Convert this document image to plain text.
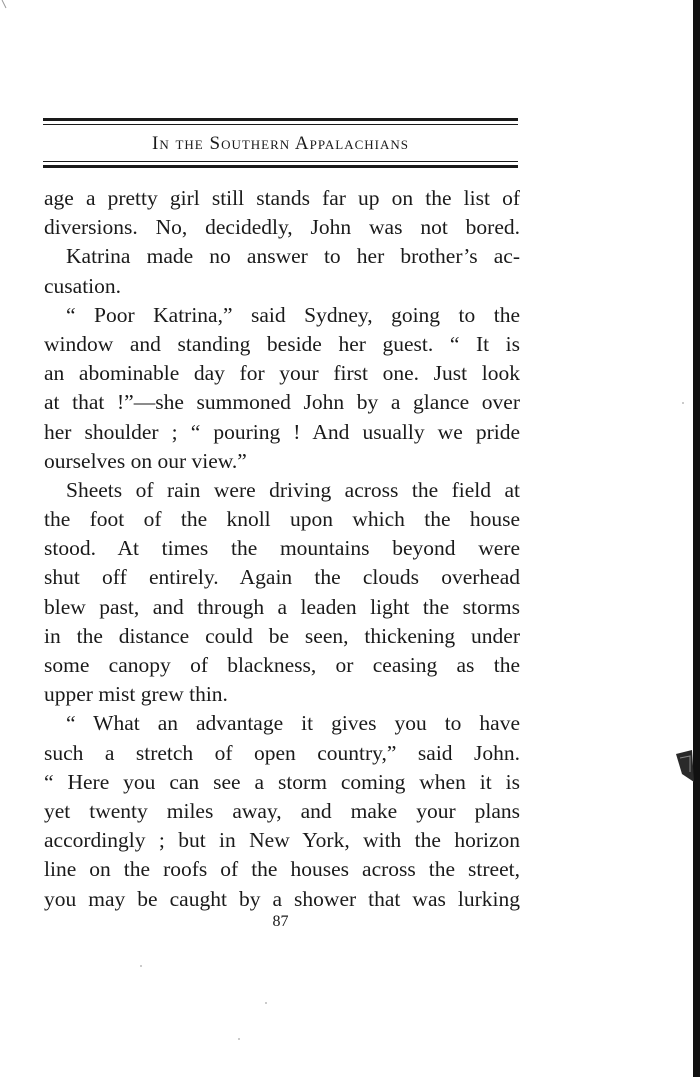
In the Southern Appalachians
age a pretty girl still stands far up on the list of
diversions. No, decidedly, John was not bored.
Katrina made no answer to her brother’s ac-
cusation.
“ Poor Katrina,” said Sydney, going to the
window and standing beside her guest. “ It is
an abominable day for your first one. Just look
at that !”—she summoned John by a glance over
her shoulder ; “ pouring ! And usually we pride
ourselves on our view.”
Sheets of rain were driving across the field at
the foot of the knoll upon which the house
stood. At times the mountains beyond were
shut off entirely. Again the clouds overhead
blew past, and through a leaden light the storms
in the distance could be seen, thickening under
some canopy of blackness, or ceasing as the
upper mist grew thin.
“ What an advantage it gives you to have
such a stretch of open country,” said John.
“ Here you can see a storm coming when it is
yet twenty miles away, and make your plans
accordingly ; but in New York, with the horizon
line on the roofs of the houses across the street,
you may be caught by a shower that was lurking
87
